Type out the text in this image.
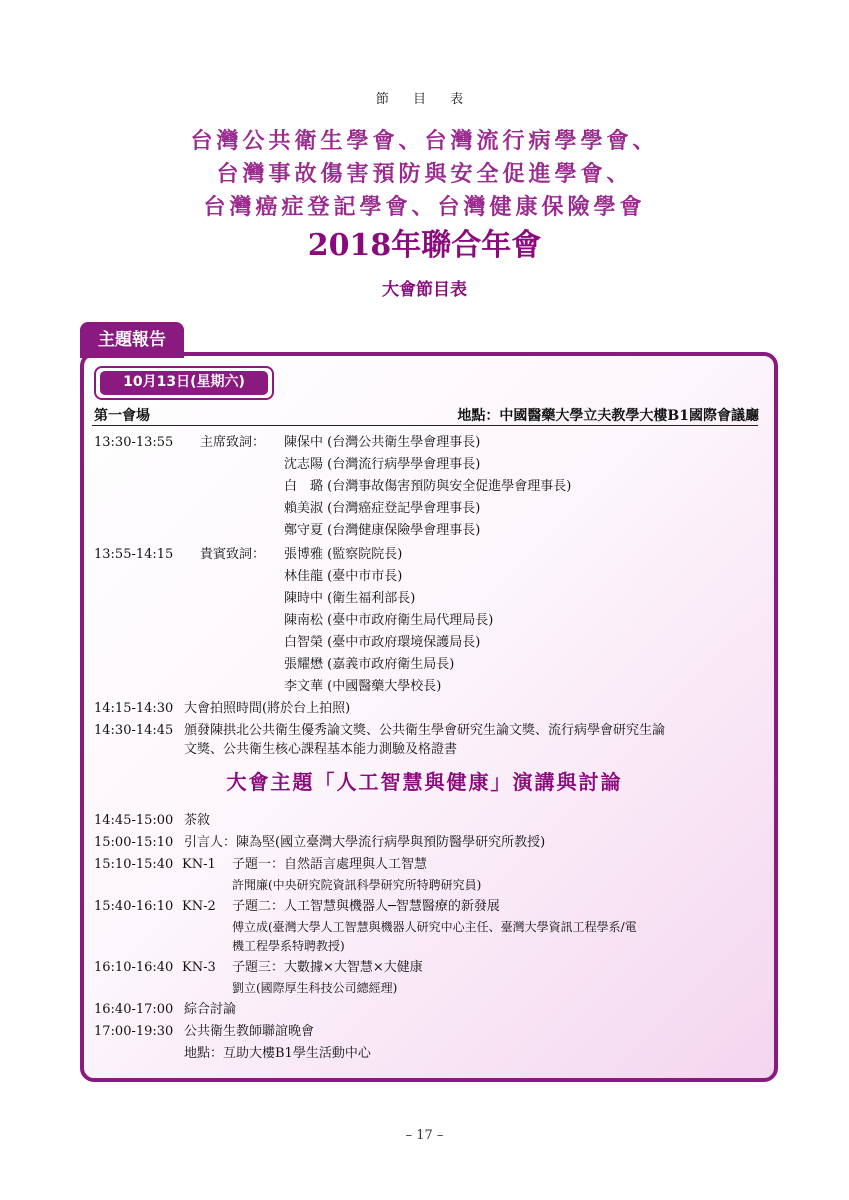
節 目 表
台灣公共衛生學會、台灣流行病學學會、
台灣事故傷害預防與安全促進學會、
台灣癌症登記學會、台灣健康保險學會
2018年聯合年會
大會節目表
主題報告
10月13日(星期六)
第一會場	地點：中國醫藥大學立夫教學大樓B1國際會議廳
13:30-13:55 主席致詞： 陳保中 (台灣公共衛生學會理事長)
沈志陽 (台灣流行病學學會理事長)
白　璐 (台灣事故傷害預防與安全促進學會理事長)
賴美淑 (台灣癌症登記學會理事長)
鄭守夏 (台灣健康保險學會理事長)
13:55-14:15 貴賓致詞： 張博雅 (監察院院長)
林佳龍 (臺中市市長)
陳時中 (衛生福利部長)
陳南松 (臺中市政府衛生局代理局長)
白智榮 (臺中市政府環境保護局長)
張耀懋 (嘉義市政府衛生局長)
李文華 (中國醫藥大學校長)
14:15-14:30 大會拍照時間(將於台上拍照)
14:30-14:45 頒發陳拱北公共衛生優秀論文獎、公共衛生學會研究生論文獎、流行病學會研究生論
文獎、公共衛生核心課程基本能力測驗及格證書
大會主題「人工智慧與健康」演講與討論
14:45-15:00 茶敘
15:00-15:10 引言人：陳為堅(國立臺灣大學流行病學與預防醫學研究所教授)
15:10-15:40 KN-1 子題一：自然語言處理與人工智慧
許聞廉(中央研究院資訊科學研究所特聘研究員)
15:40-16:10 KN-2 子題二：人工智慧與機器人─智慧醫療的新發展
傅立成(臺灣大學人工智慧與機器人研究中心主任、臺灣大學資訊工程學系/電
機工程學系特聘教授)
16:10-16:40 KN-3 子題三：大數據×大智慧×大健康
劉立(國際厚生科技公司總經理)
16:40-17:00 綜合討論
17:00-19:30 公共衛生教師聯誼晚會
地點：互助大樓B1學生活動中心
– 17 –
